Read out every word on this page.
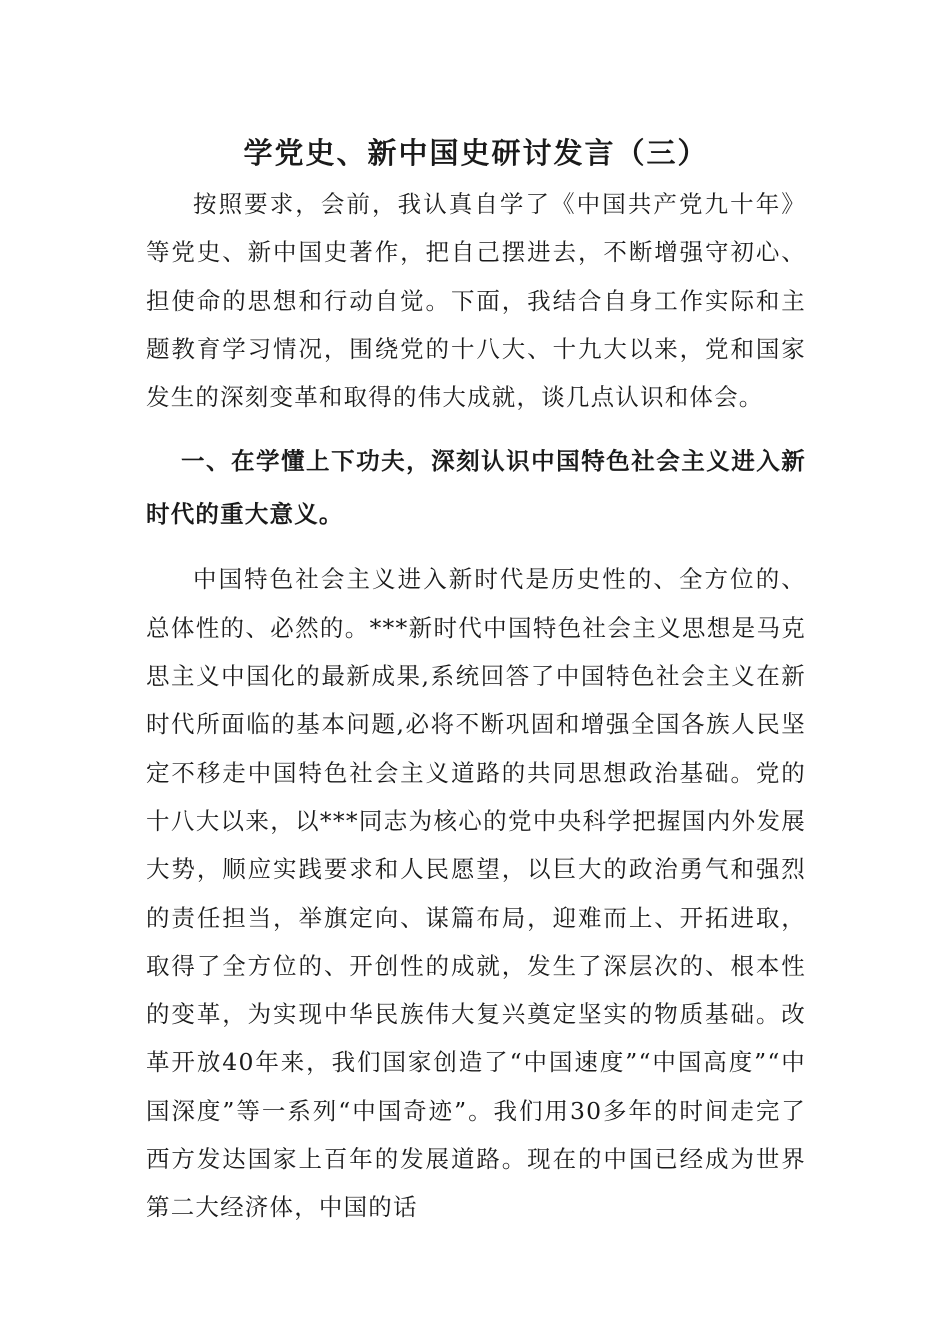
学党史、新中国史研讨发言（三）

按照要求，会前，我认真自学了《中国共产党九十年》等党史、新中国史著作，把自己摆进去，不断增强守初心、担使命的思想和行动自觉。下面，我结合自身工作实际和主题教育学习情况，围绕党的十八大、十九大以来，党和国家发生的深刻变革和取得的伟大成就，谈几点认识和体会。

一、在学懂上下功夫，深刻认识中国特色社会主义进入新时代的重大意义。

中国特色社会主义进入新时代是历史性的、全方位的、总体性的、必然的。***新时代中国特色社会主义思想是马克思主义中国化的最新成果,系统回答了中国特色社会主义在新时代所面临的基本问题,必将不断巩固和增强全国各族人民坚定不移走中国特色社会主义道路的共同思想政治基础。党的十八大以来，以***同志为核心的党中央科学把握国内外发展大势，顺应实践要求和人民愿望，以巨大的政治勇气和强烈的责任担当，举旗定向、谋篇布局，迎难而上、开拓进取，取得了全方位的、开创性的成就，发生了深层次的、根本性的变革，为实现中华民族伟大复兴奠定坚实的物质基础。改革开放40年来，我们国家创造了“中国速度”“中国高度”“中国深度”等一系列“中国奇迹”。我们用30多年的时间走完了西方发达国家上百年的发展道路。现在的中国已经成为世界第二大经济体，中国的话
